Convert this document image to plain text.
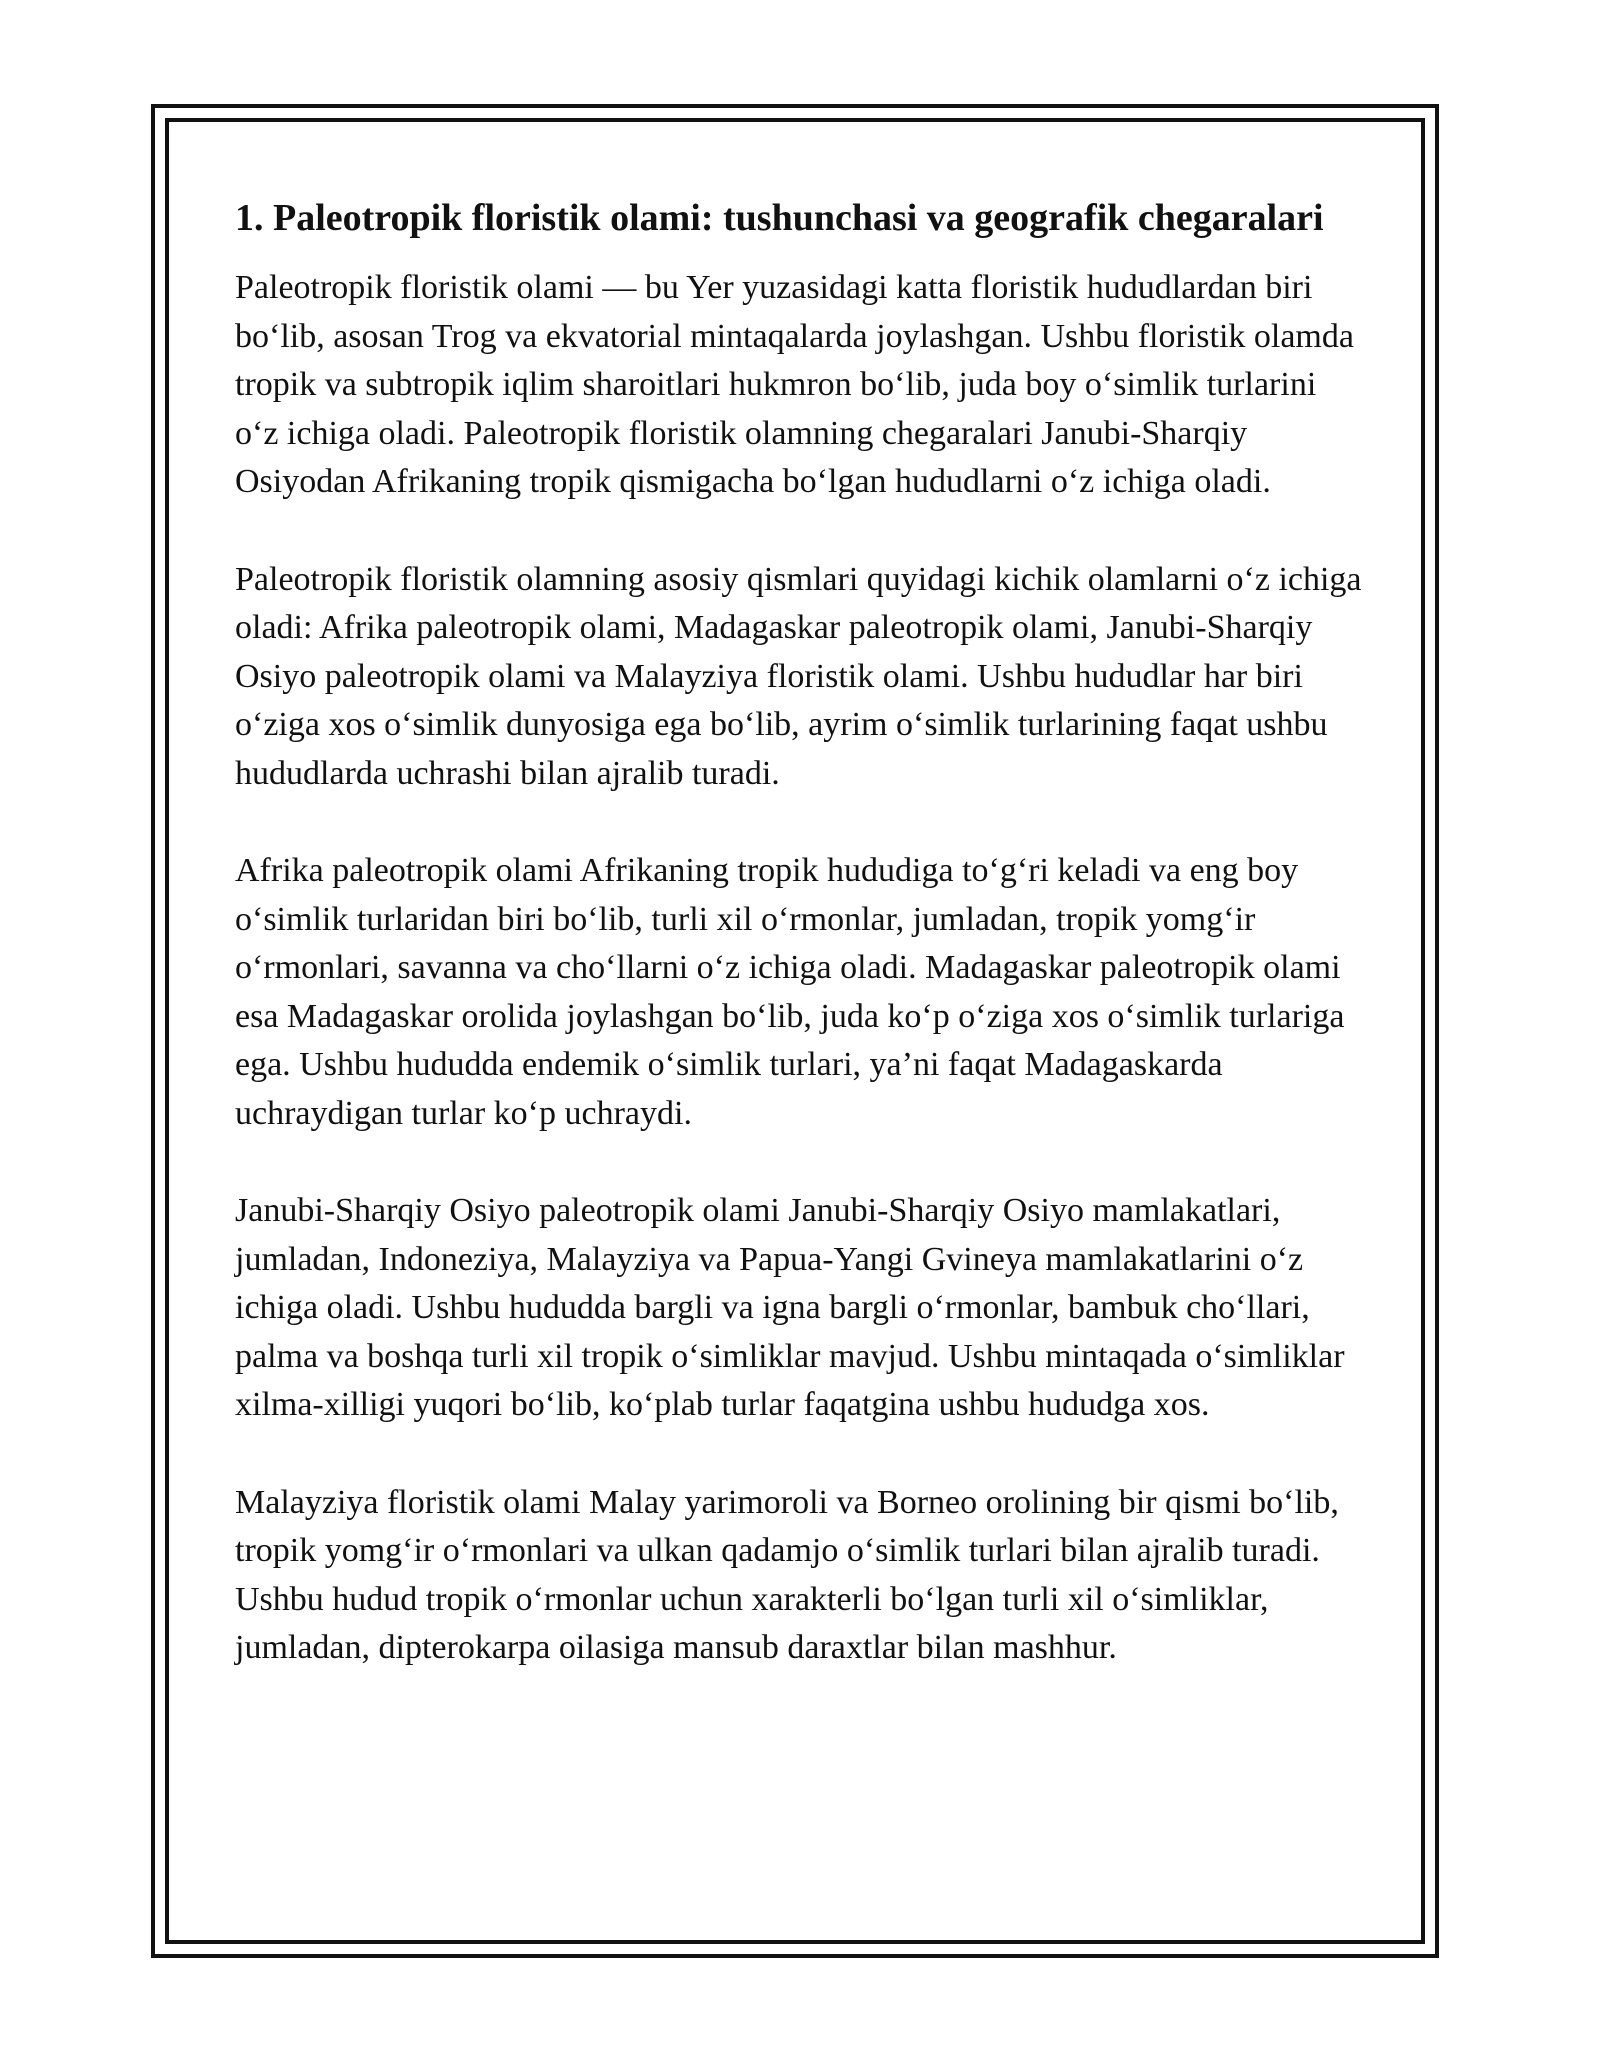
1. Paleotropik floristik olami: tushunchasi va geografik chegaralari

Paleotropik floristik olami — bu Yer yuzasidagi katta floristik hududlardan biri bo‘lib, asosan Trog va ekvatorial mintaqalarda joylashgan. Ushbu floristik olamda tropik va subtropik iqlim sharoitlari hukmron bo‘lib, juda boy o‘simlik turlarini o‘z ichiga oladi. Paleotropik floristik olamning chegaralari Janubi-Sharqiy Osiyodan Afrikaning tropik qismigacha bo‘lgan hududlarni o‘z ichiga oladi.

Paleotropik floristik olamning asosiy qismlari quyidagi kichik olamlarni o‘z ichiga oladi: Afrika paleotropik olami, Madagaskar paleotropik olami, Janubi-Sharqiy Osiyo paleotropik olami va Malayziya floristik olami. Ushbu hududlar har biri o‘ziga xos o‘simlik dunyosiga ega bo‘lib, ayrim o‘simlik turlarining faqat ushbu hududlarda uchrashi bilan ajralib turadi.

Afrika paleotropik olami Afrikaning tropik hududiga to‘g‘ri keladi va eng boy o‘simlik turlaridan biri bo‘lib, turli xil o‘rmonlar, jumladan, tropik yomg‘ir o‘rmonlari, savanna va cho‘llarni o‘z ichiga oladi. Madagaskar paleotropik olami esa Madagaskar orolida joylashgan bo‘lib, juda ko‘p o‘ziga xos o‘simlik turlariga ega. Ushbu hududda endemik o‘simlik turlari, ya’ni faqat Madagaskarda uchraydigan turlar ko‘p uchraydi.

Janubi-Sharqiy Osiyo paleotropik olami Janubi-Sharqiy Osiyo mamlakatlari, jumladan, Indoneziya, Malayziya va Papua-Yangi Gvineya mamlakatlarini o‘z ichiga oladi. Ushbu hududda bargli va igna bargli o‘rmonlar, bambuk cho‘llari, palma va boshqa turli xil tropik o‘simliklar mavjud. Ushbu mintaqada o‘simliklar xilma-xilligi yuqori bo‘lib, ko‘plab turlar faqatgina ushbu hududga xos.

Malayziya floristik olami Malay yarimoroli va Borneo orolining bir qismi bo‘lib, tropik yomg‘ir o‘rmonlari va ulkan qadamjo o‘simlik turlari bilan ajralib turadi. Ushbu hudud tropik o‘rmonlar uchun xarakterli bo‘lgan turli xil o‘simliklar, jumladan, dipterokarpa oilasiga mansub daraxtlar bilan mashhur.
